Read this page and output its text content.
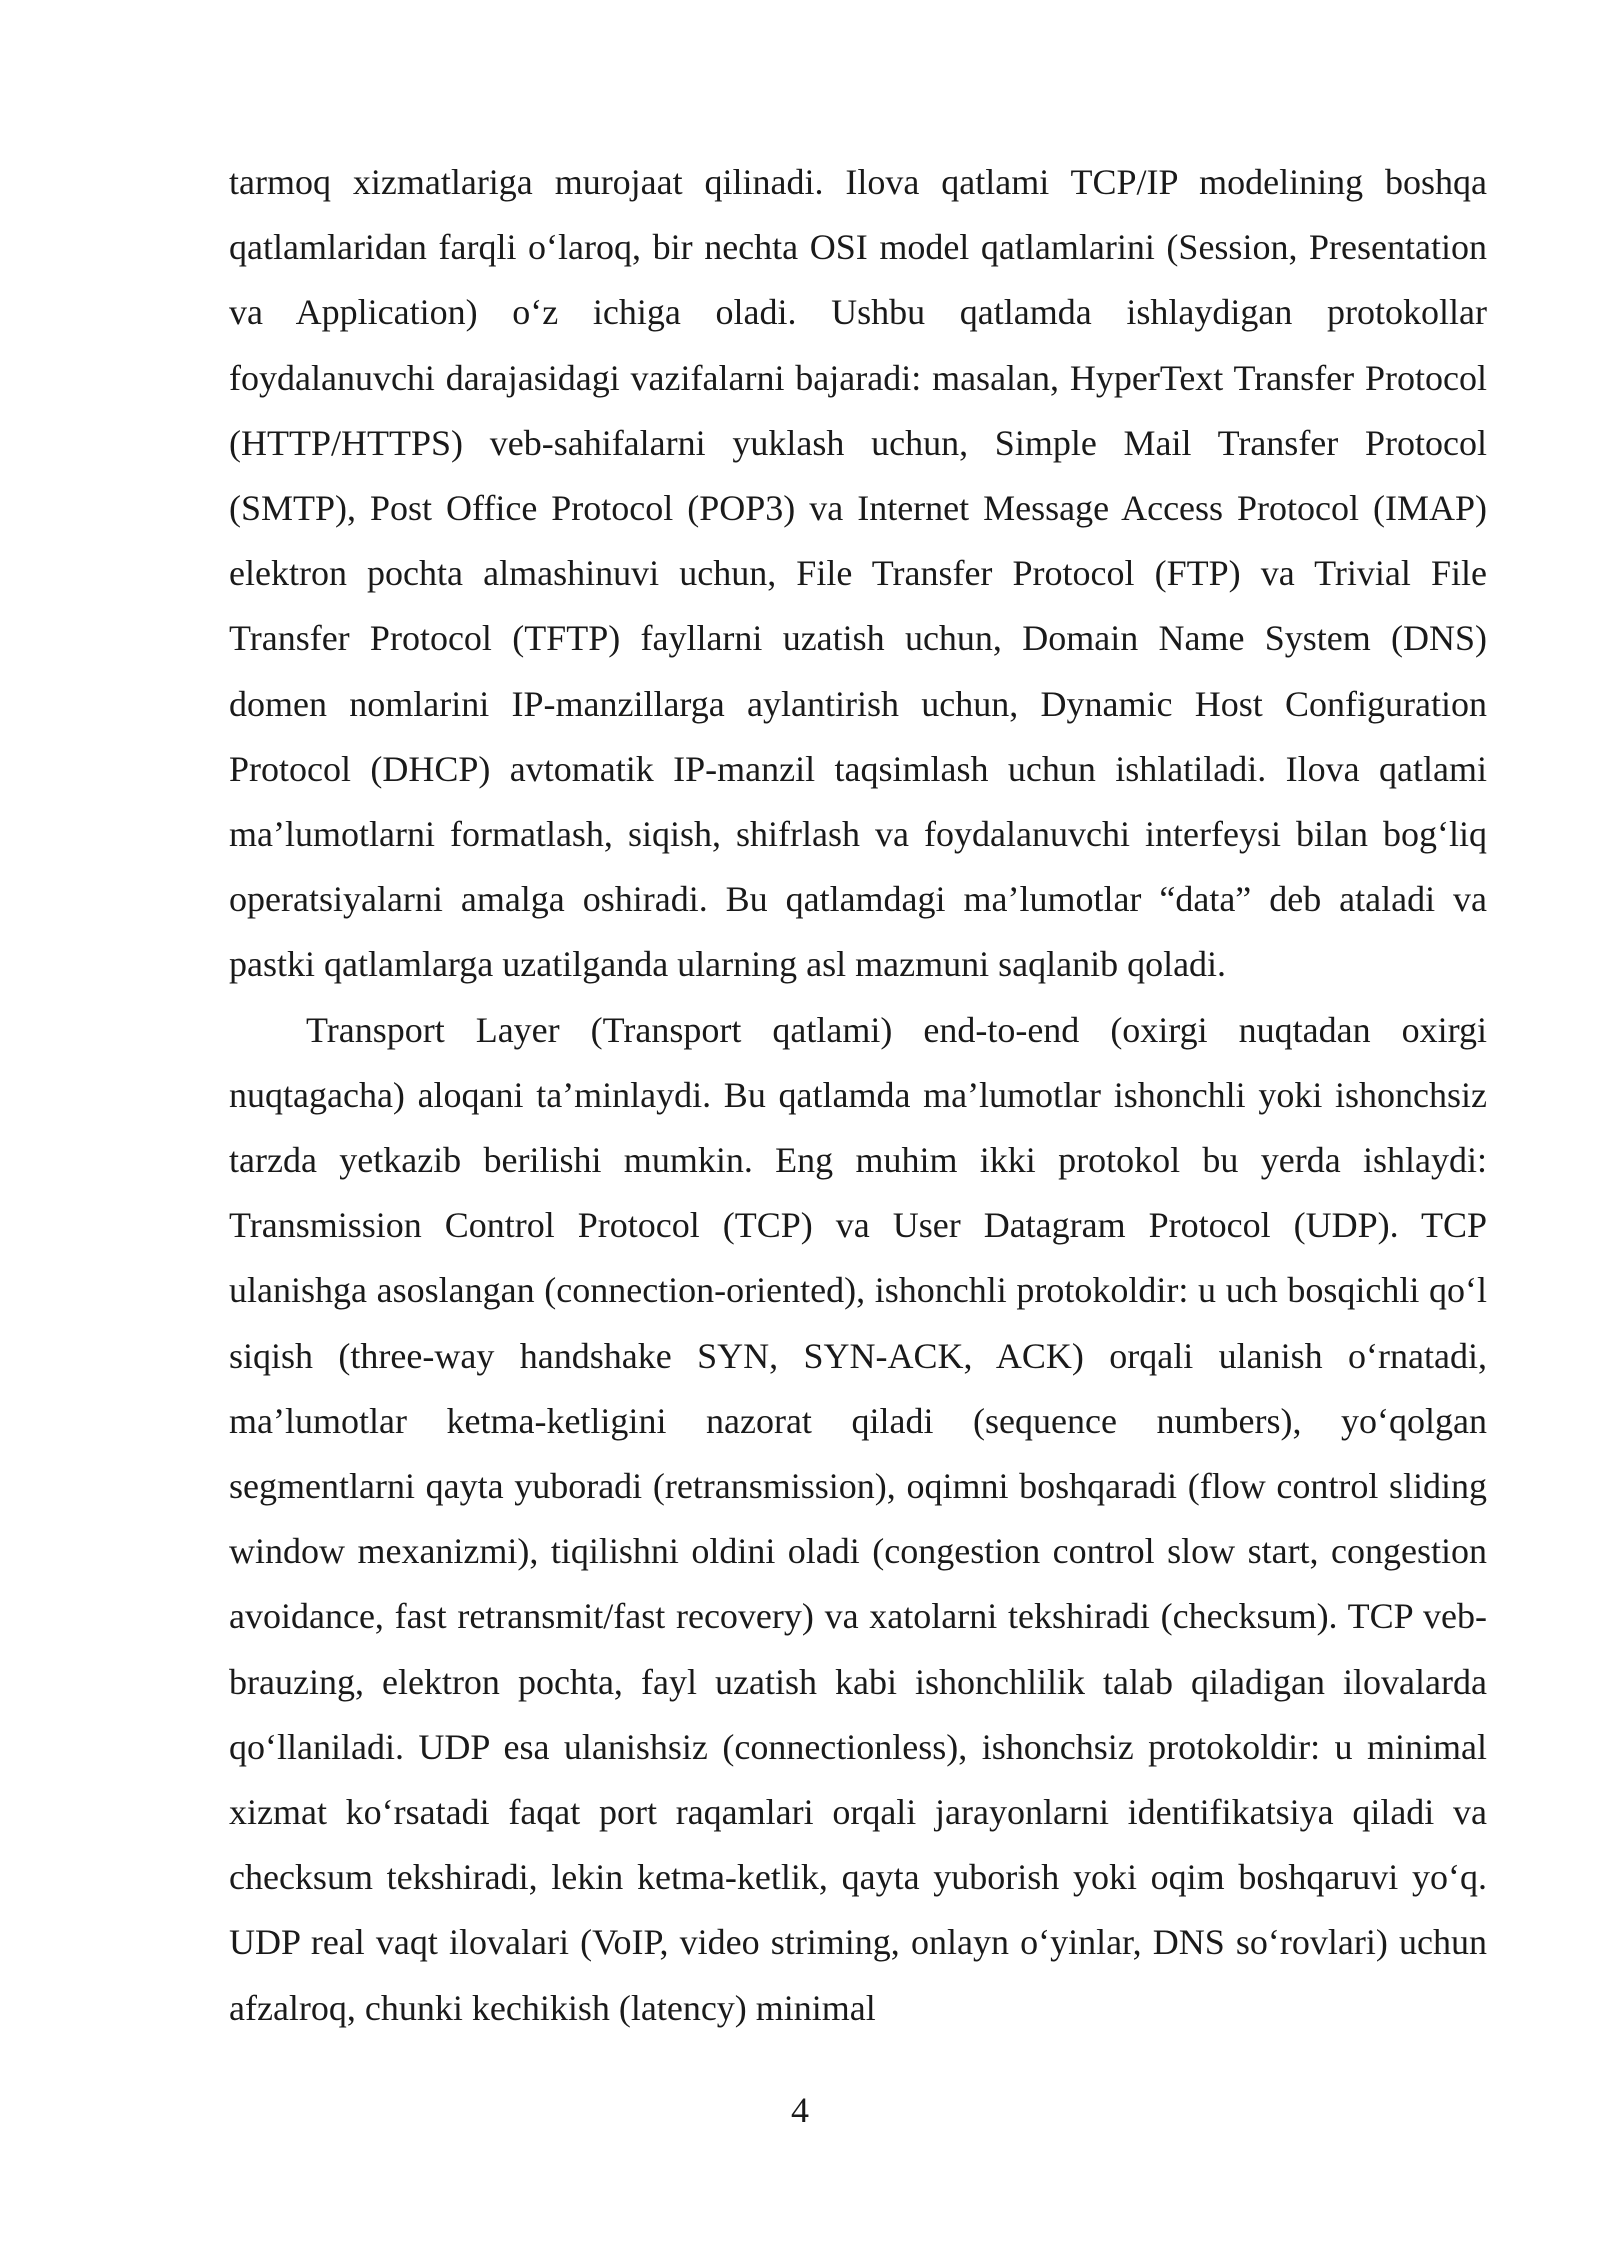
tarmoq xizmatlariga murojaat qilinadi. Ilova qatlami TCP/IP modelining boshqa qatlamlaridan farqli o‘laroq, bir nechta OSI model qatlamlarini (Session, Presentation va Application) o‘z ichiga oladi. Ushbu qatlamda ishlaydigan protokollar foydalanuvchi darajasidagi vazifalarni bajaradi: masalan, HyperText Transfer Protocol (HTTP/HTTPS) veb-sahifalarni yuklash uchun, Simple Mail Transfer Protocol (SMTP), Post Office Protocol (POP3) va Internet Message Access Protocol (IMAP) elektron pochta almashinuvi uchun, File Transfer Protocol (FTP) va Trivial File Transfer Protocol (TFTP) fayllarni uzatish uchun, Domain Name System (DNS) domen nomlarini IP-manzillarga aylantirish uchun, Dynamic Host Configuration Protocol (DHCP) avtomatik IP-manzil taqsimlash uchun ishlatiladi. Ilova qatlami ma’lumotlarni formatlash, siqish, shifrlash va foydalanuvchi interfeysi bilan bog‘liq operatsiyalarni amalga oshiradi. Bu qatlamdagi ma’lumotlar “data” deb ataladi va pastki qatlamlarga uzatilganda ularning asl mazmuni saqlanib qoladi.

Transport Layer (Transport qatlami) end-to-end (oxirgi nuqtadan oxirgi nuqtagacha) aloqani ta’minlaydi. Bu qatlamda ma’lumotlar ishonchli yoki ishonchsiz tarzda yetkazib berilishi mumkin. Eng muhim ikki protokol bu yerda ishlaydi: Transmission Control Protocol (TCP) va User Datagram Protocol (UDP). TCP ulanishga asoslangan (connection-oriented), ishonchli protokoldir: u uch bosqichli qo‘l siqish (three-way handshake SYN, SYN-ACK, ACK) orqali ulanish o‘rnatadi, ma’lumotlar ketma-ketligini nazorat qiladi (sequence numbers), yo‘qolgan segmentlarni qayta yuboradi (retransmission), oqimni boshqaradi (flow control sliding window mexanizmi), tiqilishni oldini oladi (congestion control slow start, congestion avoidance, fast retransmit/fast recovery) va xatolarni tekshiradi (checksum). TCP veb-brauzing, elektron pochta, fayl uzatish kabi ishonchlilik talab qiladigan ilovalarda qo‘llaniladi. UDP esa ulanishsiz (connectionless), ishonchsiz protokoldir: u minimal xizmat ko‘rsatadi faqat port raqamlari orqali jarayonlarni identifikatsiya qiladi va checksum tekshiradi, lekin ketma-ketlik, qayta yuborish yoki oqim boshqaruvi yo‘q. UDP real vaqt ilovalari (VoIP, video striming, onlayn o‘yinlar, DNS so‘rovlari) uchun afzalroq, chunki kechikish (latency) minimal

4
